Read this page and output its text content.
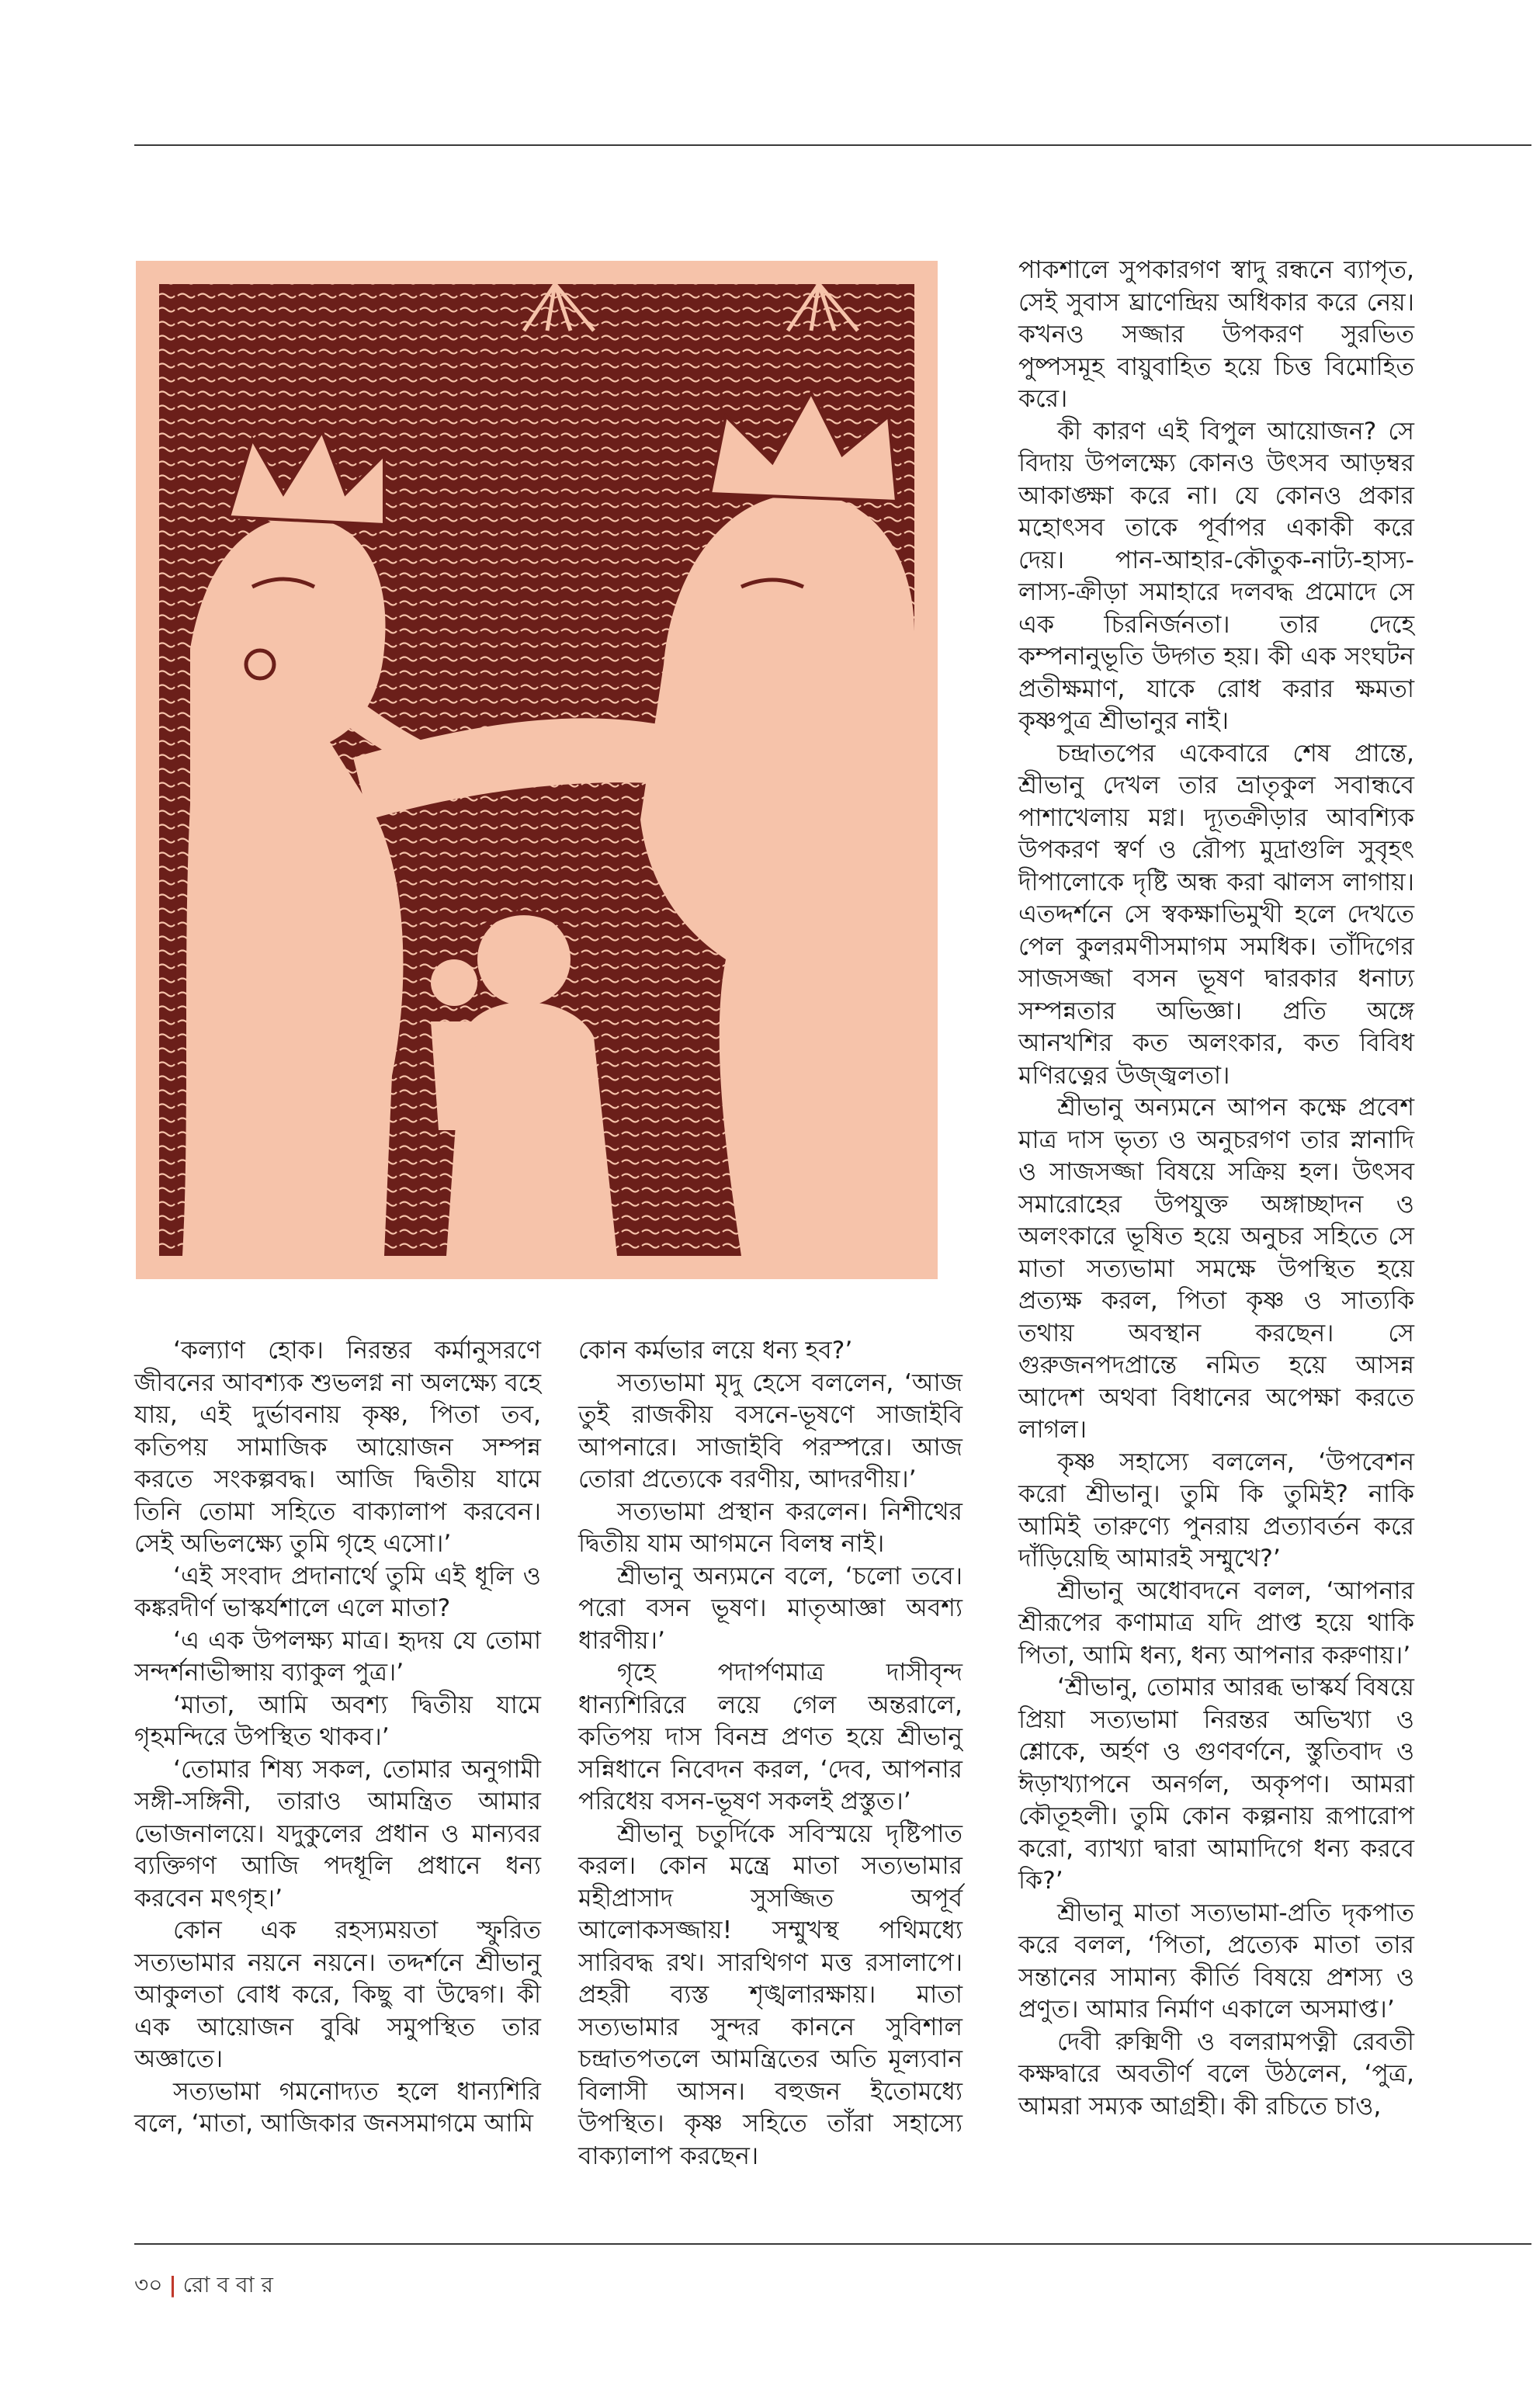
‘কল্যাণ হোক। নিরন্তর কর্মানুসরণে জীবনের আবশ্যক শুভলগ্ন না অলক্ষ্যে বহে যায়, এই দুর্ভাবনায় কৃষ্ণ, পিতা তব, কতিপয় সামাজিক আয়োজন সম্পন্ন করতে সংকল্পবদ্ধ। আজি দ্বিতীয় যামে তিনি তোমা সহিতে বাক্যালাপ করবেন। সেই অভিলক্ষ্যে তুমি গৃহে এসো।’

‘এই সংবাদ প্রদানার্থে তুমি এই ধূলি ও কঙ্করদীর্ণ ভাস্কর্যশালে এলে মাতা?

‘এ এক উপলক্ষ্য মাত্র। হৃদয় যে তোমা সন্দর্শনাভীপ্সায় ব্যাকুল পুত্র।’

‘মাতা, আমি অবশ্য দ্বিতীয় যামে গৃহমন্দিরে উপস্থিত থাকব।’

‘তোমার শিষ্য সকল, তোমার অনুগামী সঙ্গী-সঙ্গিনী, তারাও আমন্ত্রিত আমার ভোজনালয়ে। যদুকুলের প্রধান ও মান্যবর ব্যক্তিগণ আজি পদধূলি প্রধানে ধন্য করবেন মৎগৃহ।’

কোন এক রহস্যময়তা স্ফুরিত সত্যভামার নয়নে নয়নে। তদ্দর্শনে শ্রীভানু আকুলতা বোধ করে, কিছু বা উদ্বেগ। কী এক আয়োজন বুঝি সমুপস্থিত তার অজ্ঞাতে।

সত্যভামা গমনোদ্যত হলে ধান্যশিরি বলে, ‘মাতা, আজিকার জনসমাগমে আমি

কোন কর্মভার লয়ে ধন্য হব?’

সত্যভামা মৃদু হেসে বললেন, ‘আজ তুই রাজকীয় বসনে-ভূষণে সাজাইবি আপনারে। সাজাইবি পরস্পরে। আজ তোরা প্রত্যেকে বরণীয়, আদরণীয়।’

সত্যভামা প্রস্থান করলেন। নিশীথের দ্বিতীয় যাম আগমনে বিলম্ব নাই।

শ্রীভানু অন্যমনে বলে, ‘চলো তবে। পরো বসন ভূষণ। মাতৃআজ্ঞা অবশ্য ধারণীয়।’

গৃহে পদার্পণমাত্র দাসীবৃন্দ ধান্যশিরিরে লয়ে গেল অন্তরালে, কতিপয় দাস বিনম্র প্রণত হয়ে শ্রীভানু সন্নিধানে নিবেদন করল, ‘দেব, আপনার পরিধেয় বসন-ভূষণ সকলই প্রস্তুত।’

শ্রীভানু চতুর্দিকে সবিস্ময়ে দৃষ্টিপাত করল। কোন মন্ত্রে মাতা সত্যভামার মহীপ্রাসাদ সুসজ্জিত অপূর্ব আলোকসজ্জায়! সম্মুখস্থ পথিমধ্যে সারিবদ্ধ রথ। সারথিগণ মত্ত রসালাপে। প্রহরী ব্যস্ত শৃঙ্খলারক্ষায়। মাতা সত্যভামার সুন্দর কাননে সুবিশাল চন্দ্রাতপতলে আমন্ত্রিতের অতি মূল্যবান বিলাসী আসন। বহুজন ইতোমধ্যে উপস্থিত। কৃষ্ণ সহিতে তাঁরা সহাস্যে বাক্যালাপ করছেন।

পাকশালে সুপকারগণ স্বাদু রন্ধনে ব্যাপৃত, সেই সুবাস ঘ্রাণেন্দ্রিয় অধিকার করে নেয়। কখনও সজ্জার উপকরণ সুরভিত পুষ্পসমূহ বায়ুবাহিত হয়ে চিত্ত বিমোহিত করে।

কী কারণ এই বিপুল আয়োজন? সে বিদায় উপলক্ষ্যে কোনও উৎসব আড়ম্বর আকাঙ্ক্ষা করে না। যে কোনও প্রকার মহোৎসব তাকে পূর্বাপর একাকী করে দেয়। পান-আহার-কৌতুক-নাট্য-হাস্য-লাস্য-ক্রীড়া সমাহারে দলবদ্ধ প্রমোদে সে এক চিরনির্জনতা। তার দেহে কম্পনানুভূতি উদ্গত হয়। কী এক সংঘটন প্রতীক্ষমাণ, যাকে রোধ করার ক্ষমতা কৃষ্ণপুত্র শ্রীভানুর নাই।

চন্দ্রাতপের একেবারে শেষ প্রান্তে, শ্রীভানু দেখল তার ভ্রাতৃকুল সবান্ধবে পাশাখেলায় মগ্ন। দ্যূতক্রীড়ার আবশ্যিক উপকরণ স্বর্ণ ও রৌপ্য মুদ্রাগুলি সুবৃহৎ দীপালোকে দৃষ্টি অন্ধ করা ঝালস লাগায়। এতদ্দর্শনে সে স্বকক্ষাভিমুখী হলে দেখতে পেল কুলরমণীসমাগম সমধিক। তাঁদিগের সাজসজ্জা বসন ভূষণ দ্বারকার ধনাঢ্য সম্পন্নতার অভিজ্ঞা। প্রতি অঙ্গে আনখশির কত অলংকার, কত বিবিধ মণিরত্নের উজ্জ্বলতা।

শ্রীভানু অন্যমনে আপন কক্ষে প্রবেশ মাত্র দাস ভৃত্য ও অনুচরগণ তার স্নানাদি ও সাজসজ্জা বিষয়ে সক্রিয় হল। উৎসব সমারোহের উপযুক্ত অঙ্গাচ্ছাদন ও অলংকারে ভূষিত হয়ে অনুচর সহিতে সে মাতা সত্যভামা সমক্ষে উপস্থিত হয়ে প্রত্যক্ষ করল, পিতা কৃষ্ণ ও সাত্যকি তথায় অবস্থান করছেন। সে গুরুজনপদপ্রান্তে নমিত হয়ে আসন্ন আদেশ অথবা বিধানের অপেক্ষা করতে লাগল।

কৃষ্ণ সহাস্যে বললেন, ‘উপবেশন করো শ্রীভানু। তুমি কি তুমিই? নাকি আমিই তারুণ্যে পুনরায় প্রত্যাবর্তন করে দাঁড়িয়েছি আমারই সম্মুখে?’

শ্রীভানু অধোবদনে বলল, ‘আপনার শ্রীরূপের কণামাত্র যদি প্রাপ্ত হয়ে থাকি পিতা, আমি ধন্য, ধন্য আপনার করুণায়।’

‘শ্রীভানু, তোমার আরব্ধ ভাস্কর্য বিষয়ে প্রিয়া সত্যভামা নিরন্তর অভিখ্যা ও শ্লোকে, অর্হণ ও গুণবর্ণনে, স্তুতিবাদ ও ঈড়াখ্যাপনে অনর্গল, অকৃপণ। আমরা কৌতূহলী। তুমি কোন কল্পনায় রূপারোপ করো, ব্যাখ্যা দ্বারা আমাদিগে ধন্য করবে কি?’

শ্রীভানু মাতা সত্যভামা-প্রতি দৃকপাত করে বলল, ‘পিতা, প্রত্যেক মাতা তার সন্তানের সামান্য কীর্তি বিষয়ে প্রশস্য ও প্রণুত। আমার নির্মাণ একালে অসমাপ্ত।’

দেবী রুক্মিণী ও বলরামপত্নী রেবতী কক্ষদ্বারে অবতীর্ণ বলে উঠলেন, ‘পুত্র, আমরা সম্যক আগ্রহী। কী রচিতে চাও,

৩০ | রো ব বা র
